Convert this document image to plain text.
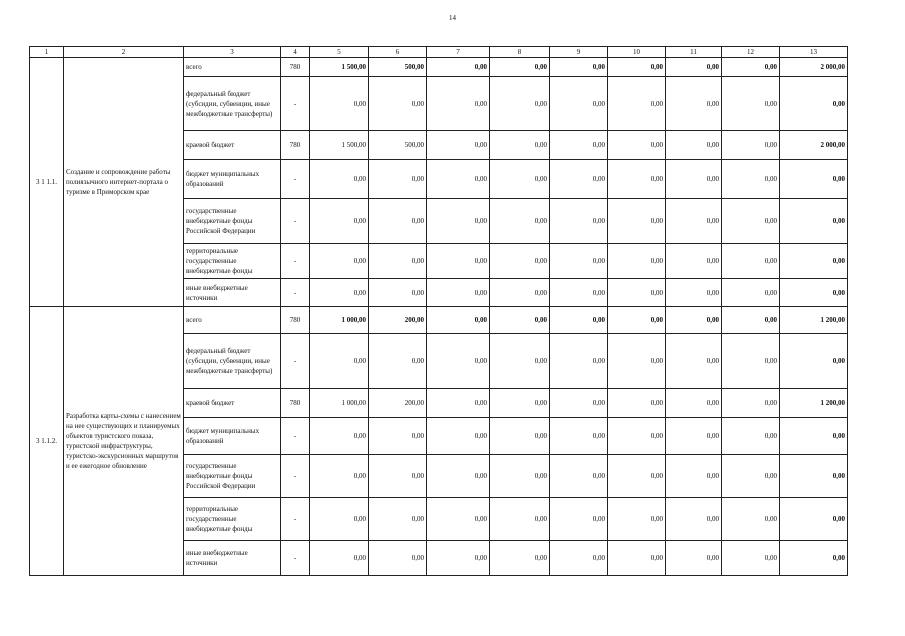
14
1	2	3	4	5	6	7	8	9	10	11	12	13
3 1 1.1.	Создание и сопровождение работы полиязычного интернет-портала о туризме в Приморском крае	всего	780	1 500,00	500,00	0,00	0,00	0,00	0,00	0,00	0,00	2 000,00
		федеральный бюджет (субсидии, субвенции, иные межбюджетные трансферты)	-	0,00	0,00	0,00	0,00	0,00	0,00	0,00	0,00	0,00
		краевой бюджет	780	1 500,00	500,00	0,00	0,00	0,00	0,00	0,00	0,00	2 000,00
		бюджет муниципальных образований	-	0,00	0,00	0,00	0,00	0,00	0,00	0,00	0,00	0,00
		государственные внебюджетные фонды Российской Федерации	-	0,00	0,00	0,00	0,00	0,00	0,00	0,00	0,00	0,00
		территориальные государственные внебюджетные фонды	-	0,00	0,00	0,00	0,00	0,00	0,00	0,00	0,00	0,00
		иные внебюджетные источники	-	0,00	0,00	0,00	0,00	0,00	0,00	0,00	0,00	0,00
3 1.1.2.	Разработка карты-схемы с нанесением на нее существующих и планируемых объектов туристского показа, туристской инфраструктуры, туристско-экскурсионных маршрутов и ее ежегодное обновление	всего	780	1 000,00	200,00	0,00	0,00	0,00	0,00	0,00	0,00	1 200,00
		федеральный бюджет (субсидии, субвенции, иные межбюджетные трансферты)	-	0,00	0,00	0,00	0,00	0,00	0,00	0,00	0,00	0,00
		краевой бюджет	780	1 000,00	200,00	0,00	0,00	0,00	0,00	0,00	0,00	1 200,00
		бюджет муниципальных образований	-	0,00	0,00	0,00	0,00	0,00	0,00	0,00	0,00	0,00
		государственные внебюджетные фонды Российской Федерации	-	0,00	0,00	0,00	0,00	0,00	0,00	0,00	0,00	0,00
		территориальные государственные внебюджетные фонды	-	0,00	0,00	0,00	0,00	0,00	0,00	0,00	0,00	0,00
		иные внебюджетные источники	-	0,00	0,00	0,00	0,00	0,00	0,00	0,00	0,00	0,00
